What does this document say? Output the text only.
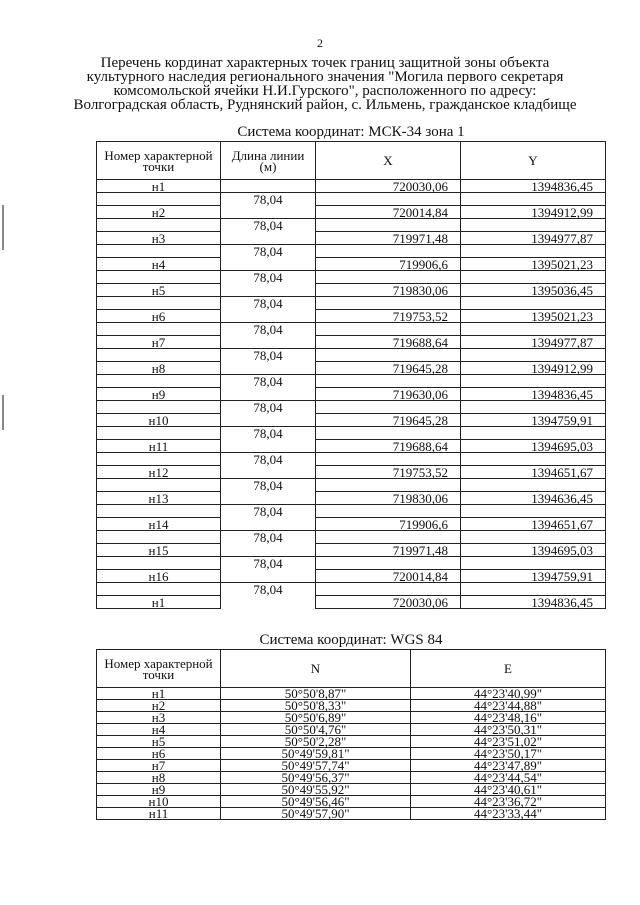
2
Перечень кординат характерных точек границ защитной зоны объекта
культурного наследия регионального значения "Могила первого секретаря
комсомольской ячейки Н.И.Гурского", расположенного по адресу:
Волгоградская область, Руднянский район, с. Ильмень, гражданское кладбище
Система координат: МСК-34 зона 1
Номер характерной точки	Длина линии (м)	X	Y
н1		720030,06	1394836,45
	78,04		
н2		720014,84	1394912,99
	78,04		
н3		719971,48	1394977,87
	78,04		
н4		719906,6	1395021,23
	78,04		
н5		719830,06	1395036,45
	78,04		
н6		719753,52	1395021,23
	78,04		
н7		719688,64	1394977,87
	78,04		
н8		719645,28	1394912,99
	78,04		
н9		719630,06	1394836,45
	78,04		
н10		719645,28	1394759,91
	78,04		
н11		719688,64	1394695,03
	78,04		
н12		719753,52	1394651,67
	78,04		
н13		719830,06	1394636,45
	78,04		
н14		719906,6	1394651,67
	78,04		
н15		719971,48	1394695,03
	78,04		
н16		720014,84	1394759,91
	78,04		
н1		720030,06	1394836,45
Система координат: WGS 84
Номер характерной точки	N	E
н1	50°50'8,87"	44°23'40,99"
н2	50°50'8,33"	44°23'44,88"
н3	50°50'6,89"	44°23'48,16"
н4	50°50'4,76"	44°23'50,31"
н5	50°50'2,28"	44°23'51,02"
н6	50°49'59,81"	44°23'50,17"
н7	50°49'57,74"	44°23'47,89"
н8	50°49'56,37"	44°23'44,54"
н9	50°49'55,92"	44°23'40,61"
н10	50°49'56,46"	44°23'36,72"
н11	50°49'57,90"	44°23'33,44"
